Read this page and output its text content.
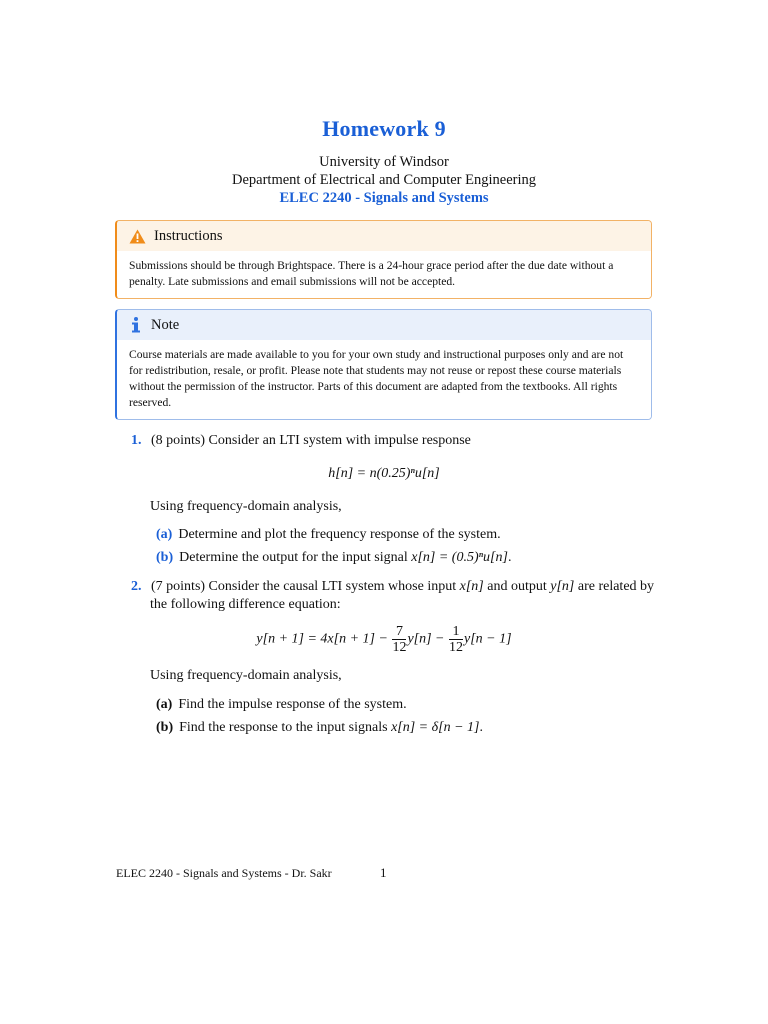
Homework 9
University of Windsor
Department of Electrical and Computer Engineering
ELEC 2240 - Signals and Systems
Instructions
Submissions should be through Brightspace. There is a 24-hour grace period after the due date without a penalty. Late submissions and email submissions will not be accepted.
Note
Course materials are made available to you for your own study and instructional purposes only and are not for redistribution, resale, or profit. Please note that students may not reuse or repost these course materials without the permission of the instructor. Parts of this document are adapted from the textbooks. All rights reserved.
1. (8 points) Consider an LTI system with impulse response
h[n] = n(0.25)ⁿu[n]
Using frequency-domain analysis,
(a) Determine and plot the frequency response of the system.
(b) Determine the output for the input signal x[n] = (0.5)ⁿu[n].
2. (7 points) Consider the causal LTI system whose input x[n] and output y[n] are related by
the following difference equation:
$y[n + 1] = 4x[n + 1] - \frac{7}{12} y[n] - \frac{1}{12} y[n - 1]$
Using frequency-domain analysis,
(a) Find the impulse response of the system.
(b) Find the response to the input signals x[n] = δ[n − 1].
ELEC 2240 - Signals and Systems - Dr. Sakr	1
